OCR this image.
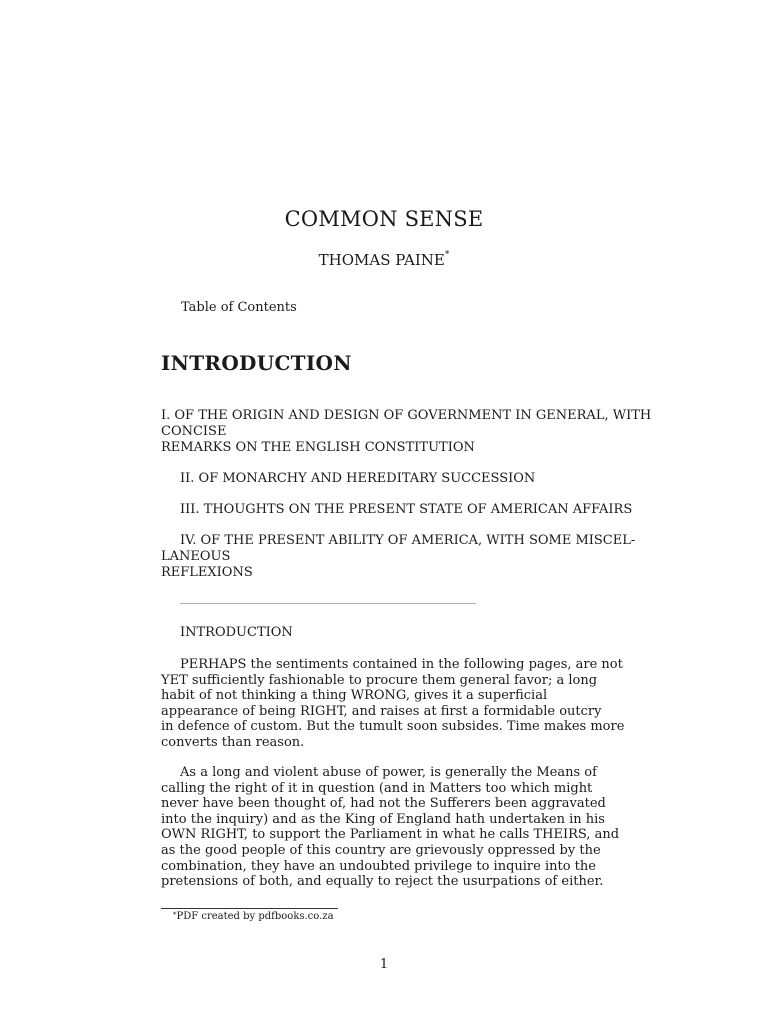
COMMON SENSE
THOMAS PAINE*
Table of Contents
INTRODUCTION
I. OF THE ORIGIN AND DESIGN OF GOVERNMENT IN GENERAL, WITH
CONCISE
REMARKS ON THE ENGLISH CONSTITUTION
II. OF MONARCHY AND HEREDITARY SUCCESSION
III. THOUGHTS ON THE PRESENT STATE OF AMERICAN AFFAIRS
IV. OF THE PRESENT ABILITY OF AMERICA, WITH SOME MISCEL-
LANEOUS
REFLEXIONS
INTRODUCTION
PERHAPS the sentiments contained in the following pages, are not
YET sufficiently fashionable to procure them general favor; a long
habit of not thinking a thing WRONG, gives it a superficial
appearance of being RIGHT, and raises at first a formidable outcry
in defence of custom. But the tumult soon subsides. Time makes more
converts than reason.
As a long and violent abuse of power, is generally the Means of
calling the right of it in question (and in Matters too which might
never have been thought of, had not the Sufferers been aggravated
into the inquiry) and as the King of England hath undertaken in his
OWN RIGHT, to support the Parliament in what he calls THEIRS, and
as the good people of this country are grievously oppressed by the
combination, they have an undoubted privilege to inquire into the
pretensions of both, and equally to reject the usurpations of either.
*PDF created by pdfbooks.co.za
1
